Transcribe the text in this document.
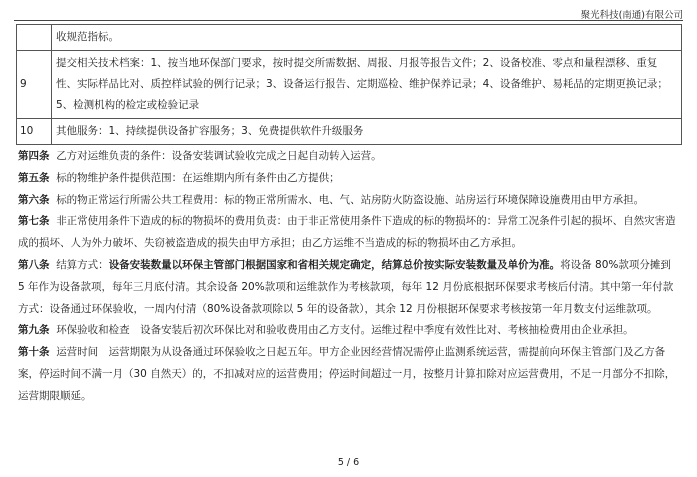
聚光科技(南通)有限公司
	收规范指标。
9	提交相关技术档案：1、按当地环保部门要求，按时提交所需数据、周报、月报等报告文件；2、设备校准、零点和量程漂移、重复性、实际样品比对、质控样试验的例行记录；3、设备运行报告、定期巡检、维护保养记录；4、设备维护、易耗品的定期更换记录；5、检测机构的检定或检验记录
10	其他服务：1、持续提供设备扩容服务；3、免费提供软件升级服务

第四条 乙方对运维负责的条件：设备安装调试验收完成之日起自动转入运营。

第五条 标的物维护条件提供范围：在运维期内所有条件由乙方提供；

第六条 标的物正常运行所需公共工程费用：标的物正常所需水、电、气、站房防火防盗设施、站房运行环境保障设施费用由甲方承担。

第七条 非正常使用条件下造成的标的物损坏的费用负责：由于非正常使用条件下造成的标的物损坏的：异常工况条件引起的损坏、自然灾害造成的损坏、人为外力破坏、失窃被盗造成的损失由甲方承担；由乙方运维不当造成的标的物损坏由乙方承担。

第八条 结算方式：设备安装数量以环保主管部门根据国家和省相关规定确定，结算总价按实际安装数量及单价为准。将设备 80%款项分摊到 5 年作为设备款项，每年三月底付清。其余设备 20%款项和运维款作为考核款项，每年 12 月份底根据环保要求考核后付清。其中第一年付款方式：设备通过环保验收，一周内付清（80%设备款项除以 5 年的设备款），其余 12 月份根据环保要求考核按第一年月数支付运维款项。

第九条 环保验收和检查　设备安装后初次环保比对和验收费用由乙方支付。运维过程中季度有效性比对、考核抽检费用由企业承担。

第十条 运营时间　运营期限为从设备通过环保验收之日起五年。甲方企业因经营情况需停止监测系统运营，需提前向环保主管部门及乙方备案，停运时间不满一月（30 自然天）的，不扣减对应的运营费用；停运时间超过一月，按整月计算扣除对应运营费用，不足一月部分不扣除，运营期限顺延。

5 / 6
